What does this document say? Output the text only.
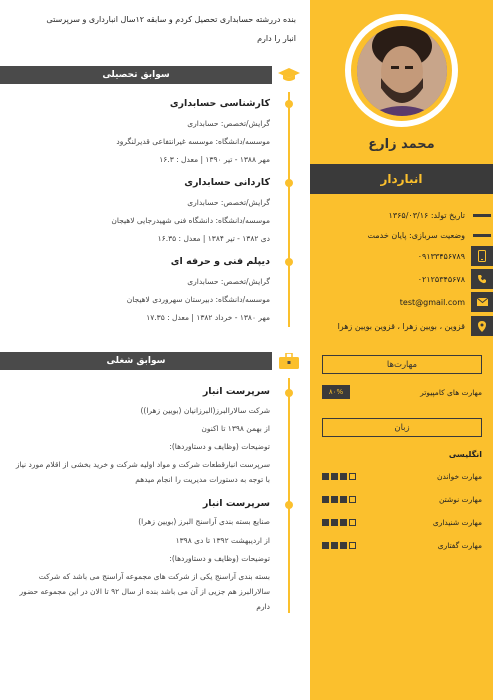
محمد زارع
انباردار
تاریخ تولد: ۱۳۶۵/۰۳/۱۶
وضعیت سربازی: پایان خدمت
۰۹۱۳۳۴۵۶۷۸۹
۰۲۱۲۵۳۴۵۶۷۸
test@gmail.com
قزوین ، بویین زهرا ، قزوین بویین زهرا
مهارت‌ها
مهارت های کامپیوتر
۸۰%
زبان
انگلیسی
مهارت خواندن
مهارت نوشتن
مهارت شنیداری
مهارت گفتاری
بنده دررشته حسابداری تحصیل کردم و سابقه ۱۲سال انبارداری و سرپرستی
انبار را دارم
سوابق تحصیلی
کارشناسی حسابداری
گرایش/تخصص: حسابداری
موسسه/دانشگاه: موسسه غیرانتفاعی قدیرلنگرود
مهر ۱۳۸۸ - تیر ۱۳۹۰ | معدل : ۱۶.۳
کاردانی حسابداری
گرایش/تخصص: حسابداری
موسسه/دانشگاه: دانشگاه فنی شهیدرجایی لاهیجان
دی ۱۳۸۲ - تیر ۱۳۸۴ | معدل : ۱۶.۳۵
دیپلم فنی و حرفه ای
گرایش/تخصص: حسابداری
موسسه/دانشگاه: دبیرستان سهروردی لاهیجان
مهر ۱۳۸۰ - خرداد ۱۳۸۲ | معدل : ۱۷.۳۵
سوابق شغلی
سرپرست انبار
شرکت سالارالبرز(البرزانیان (بویین زهرا))
از بهمن ۱۳۹۸ تا اکنون
توضیحات (وظایف و دستاوردها):
سرپرست انبارقطعات شرکت و مواد اولیه شرکت و خرید بخشی از اقلام مورد نیاز
با توجه به دستورات مدیریت را انجام میدهم
سرپرست انبار
صنایع بسته بندی آراسنج البرز (بویین زهرا)
از اردیبهشت ۱۳۹۲ تا دی ۱۳۹۸
توضیحات (وظایف و دستاوردها):
بسته بندی آراسنج یکی از شرکت های مجموعه آراسنج می باشد که شرکت
سالارالبرز هم جزیی از آن می باشد بنده از سال ۹۲ تا الان در این مجموعه حضور
دارم
